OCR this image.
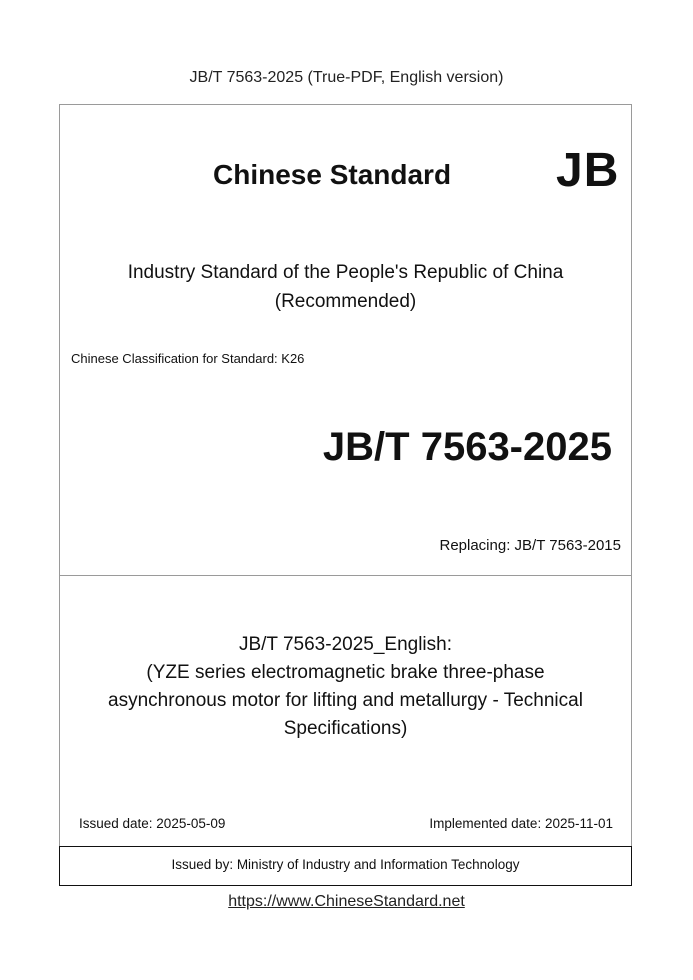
JB/T 7563-2025 (True-PDF, English version)
Chinese Standard JB
Industry Standard of the People's Republic of China
(Recommended)
Chinese Classification for Standard: K26
JB/T 7563-2025
Replacing: JB/T 7563-2015
JB/T 7563-2025_English:
(YZE series electromagnetic brake three-phase
asynchronous motor for lifting and metallurgy - Technical
Specifications)
Issued date: 2025-05-09	Implemented date: 2025-11-01
Issued by: Ministry of Industry and Information Technology
https://www.ChineseStandard.net
